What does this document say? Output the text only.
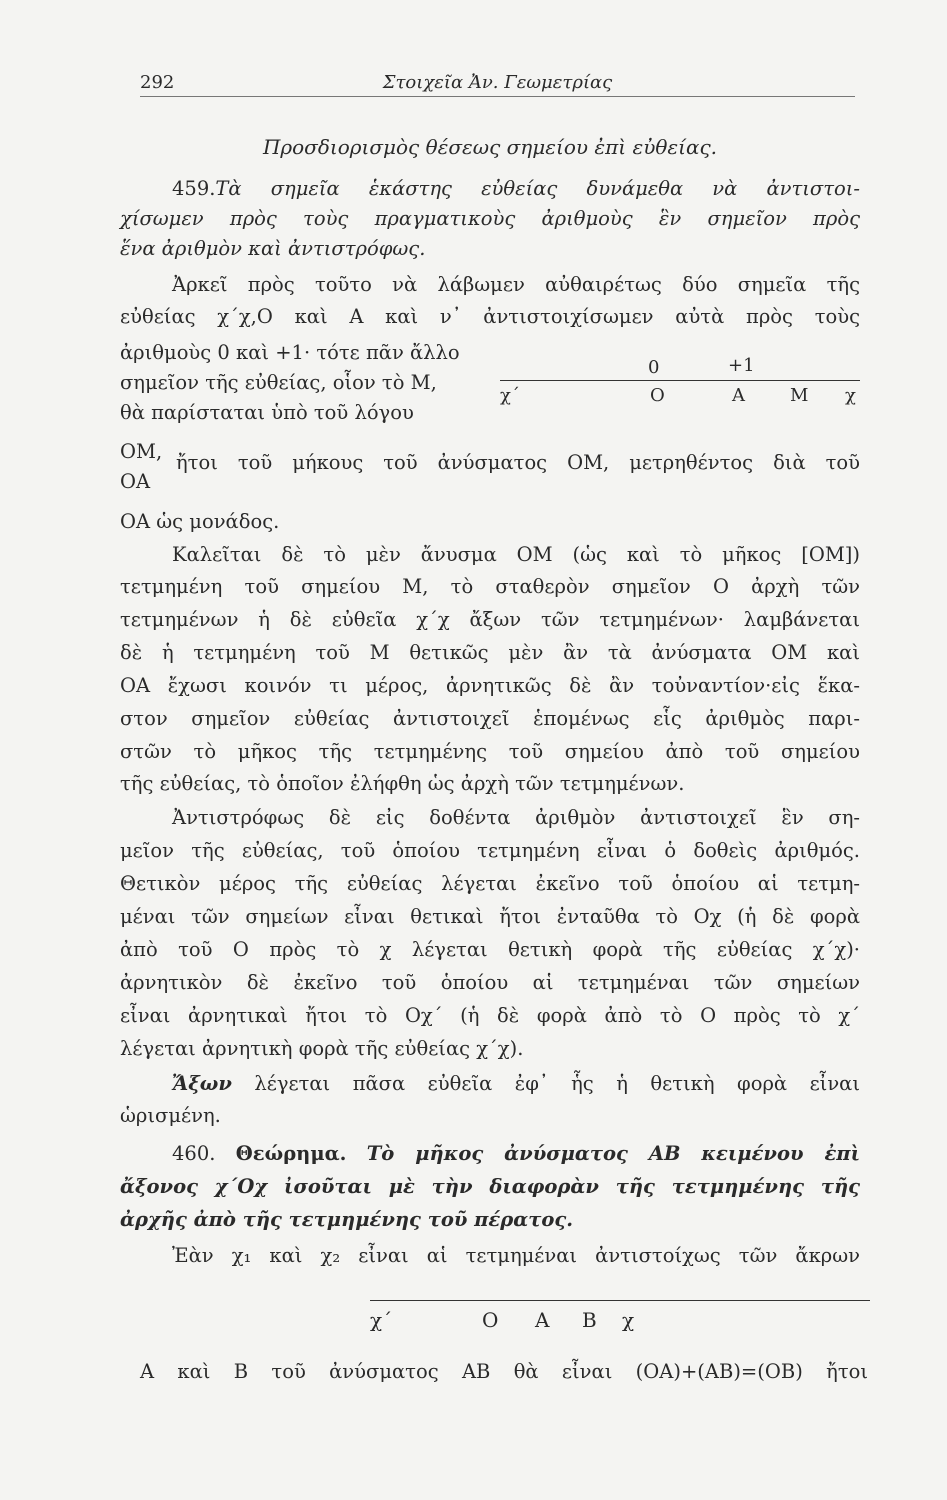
292	Στοιχεῖα Ἀν. Γεωμετρίας
Προσδιορισμὸς θέσεως σημείου ἐπὶ εὐθείας.
459.Τὰ σημεῖα ἑκάστης εὐθείας δυνάμεθα νὰ ἀντιστοι-
χίσωμεν πρὸς τοὺς πραγματικοὺς ἀριθμοὺς ἓν σημεῖον πρὸς
ἕνα ἀριθμὸν καὶ ἀντιστρόφως.
Ἀρκεῖ πρὸς τοῦτο νὰ λάβωμεν αὐθαιρέτως δύο σημεῖα τῆς
εὐθείας χ΄χ,Ο καὶ Α καὶ ν᾽ ἀντιστοιχίσωμεν αὐτὰ πρὸς τοὺς
ἀριθμοὺς 0 καὶ +1· τότε πᾶν ἄλλο
σημεῖον τῆς εὐθείας, οἷον τὸ Μ,
θὰ παρίσταται ὑπὸ τοῦ λόγου
0	+1
χ΄	Ο	Α	Μ χ
ΟΜ, ἤτοι τοῦ μήκους τοῦ ἀνύσματος ΟΜ, μετρηθέντος διὰ τοῦ
ΟΑ
ΟΑ ὡς μονάδος.
Καλεῖται δὲ τὸ μὲν ἄνυσμα ΟΜ (ὡς καὶ τὸ μῆκος [ΟΜ])
τετμημένη τοῦ σημείου Μ, τὸ σταθερὸν σημεῖον Ο ἀρχὴ τῶν
τετμημένων ἡ δὲ εὐθεῖα χ΄χ ἄξων τῶν τετμημένων· λαμβάνεται
δὲ ἡ τετμημένη τοῦ Μ θετικῶς μὲν ἂν τὰ ἀνύσματα ΟΜ καὶ
ΟΑ ἔχωσι κοινόν τι μέρος, ἀρνητικῶς δὲ ἂν τοὐναντίον·εἰς ἕκα-
στον σημεῖον εὐθείας ἀντιστοιχεῖ ἑπομένως εἷς ἀριθμὸς παρι-
στῶν τὸ μῆκος τῆς τετμημένης τοῦ σημείου ἀπὸ τοῦ σημείου
τῆς εὐθείας, τὸ ὁποῖον ἐλήφθη ὡς ἀρχὴ τῶν τετμημένων.
Ἀντιστρόφως δὲ εἰς δοθέντα ἀριθμὸν ἀντιστοιχεῖ ἓν ση-
μεῖον τῆς εὐθείας, τοῦ ὁποίου τετμημένη εἶναι ὁ δοθεὶς ἀριθμός.
Θετικὸν μέρος τῆς εὐθείας λέγεται ἐκεῖνο τοῦ ὁποίου αἱ τετμη-
μέναι τῶν σημείων εἶναι θετικαὶ ἤτοι ἐνταῦθα τὸ Οχ (ἡ δὲ φορὰ
ἀπὸ τοῦ Ο πρὸς τὸ χ λέγεται θετικὴ φορὰ τῆς εὐθείας χ΄χ)·
ἀρνητικὸν δὲ ἐκεῖνο τοῦ ὁποίου αἱ τετμημέναι τῶν σημείων
εἶναι ἀρνητικαὶ ἤτοι τὸ Οχ΄ (ἡ δὲ φορὰ ἀπὸ τὸ Ο πρὸς τὸ χ΄
λέγεται ἀρνητικὴ φορὰ τῆς εὐθείας χ΄χ).
Ἄξων λέγεται πᾶσα εὐθεῖα ἐφ᾽ ἧς ἡ θετικὴ φορὰ εἶναι
ὡρισμένη.
460. Θεώρημα. Τὸ μῆκος ἀνύσματος ΑΒ κειμένου ἐπὶ
ἄξονος χ΄Οχ ἰσοῦται μὲ τὴν διαφορὰν τῆς τετμημένης τῆς
ἀρχῆς ἀπὸ τῆς τετμημένης τοῦ πέρατος.
Ἐὰν χ₁ καὶ χ₂ εἶναι αἱ τετμημέναι ἀντιστοίχως τῶν ἄκρων
χ΄	Ο Α Β χ
Α καὶ Β τοῦ ἀνύσματος ΑΒ θὰ εἶναι (ΟΑ)+(ΑΒ)=(ΟΒ) ἤτοι
